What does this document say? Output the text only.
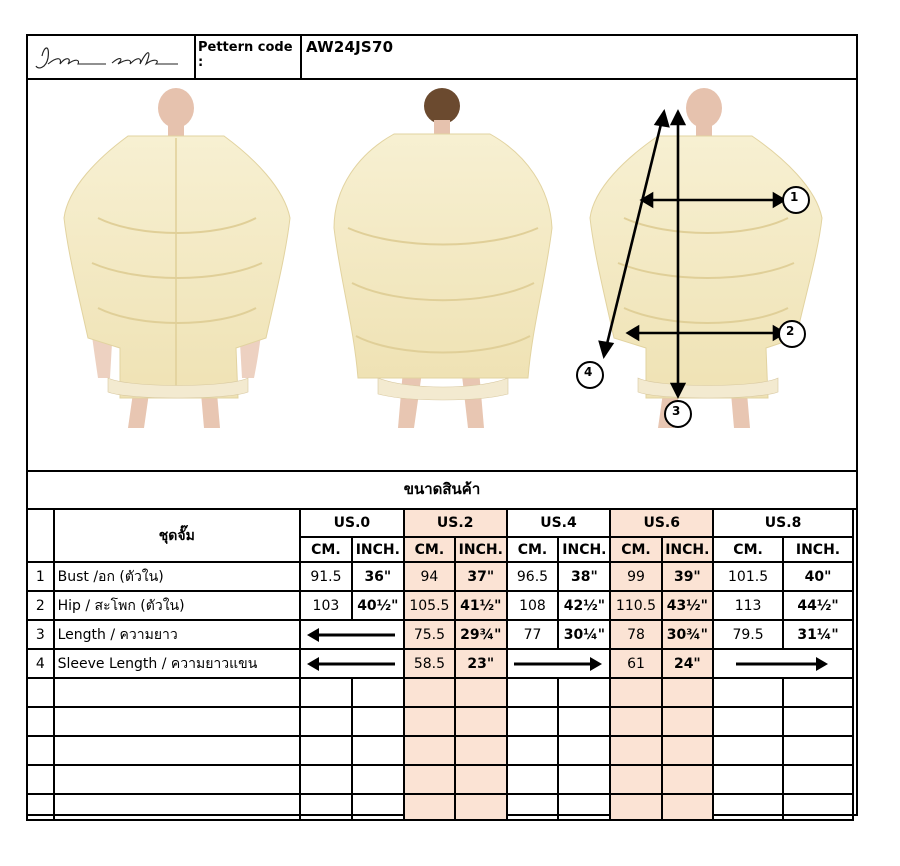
Pettern code :
AW24JS70
1
2
3
4
ขนาดสินค้า
	ชุดจั๊ม	US.0		US.2		US.4		US.6		US.8	
		CM.	INCH.	CM.	INCH.	CM.	INCH.	CM.	INCH.	CM.	INCH.
1	Bust /อก (ตัวใน)	91.5	36"	94	37"	96.5	38"	99	39"	101.5	40"
2	Hip / สะโพก (ตัวใน)	103	40½"	105.5	41½"	108	42½"	110.5	43½"	113	44½"
3	Length / ความยาว			75.5	29¾"	77	30¼"	78	30¾"	79.5	31¼"
4	Sleeve Length / ความยาวแขน			58.5	23"			61	24"	
